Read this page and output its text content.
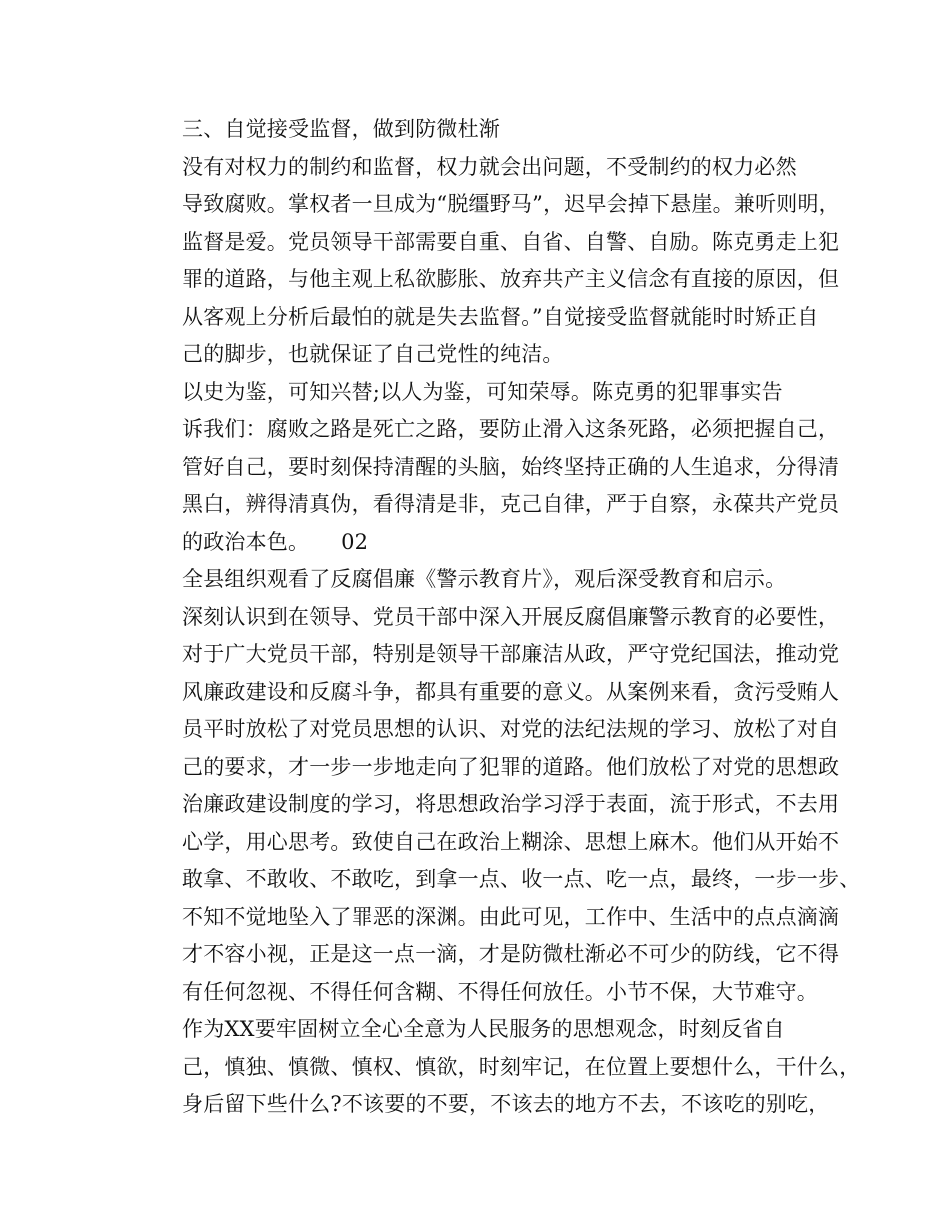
三、自觉接受监督，做到防微杜渐

没有对权力的制约和监督，权力就会出问题，不受制约的权力必然
导致腐败。掌权者一旦成为“脱缰野马”，迟早会掉下悬崖。兼听则明，
监督是爱。党员领导干部需要自重、自省、自警、自励。陈克勇走上犯
罪的道路，与他主观上私欲膨胀、放弃共产主义信念有直接的原因，但
从客观上分析后最怕的就是失去监督。”自觉接受监督就能时时矫正自
己的脚步，也就保证了自己党性的纯洁。

以史为鉴，可知兴替;以人为鉴，可知荣辱。陈克勇的犯罪事实告
诉我们：腐败之路是死亡之路，要防止滑入这条死路，必须把握自己，
管好自己，要时刻保持清醒的头脑，始终坚持正确的人生追求，分得清
黑白，辨得清真伪，看得清是非，克己自律，严于自察，永葆共产党员
的政治本色。　　02

全县组织观看了反腐倡廉《警示教育片》，观后深受教育和启示。
深刻认识到在领导、党员干部中深入开展反腐倡廉警示教育的必要性，
对于广大党员干部，特别是领导干部廉洁从政，严守党纪国法，推动党
风廉政建设和反腐斗争，都具有重要的意义。从案例来看，贪污受贿人
员平时放松了对党员思想的认识、对党的法纪法规的学习、放松了对自
己的要求，才一步一步地走向了犯罪的道路。他们放松了对党的思想政
治廉政建设制度的学习，将思想政治学习浮于表面，流于形式，不去用
心学，用心思考。致使自己在政治上糊涂、思想上麻木。他们从开始不
敢拿、不敢收、不敢吃，到拿一点、收一点、吃一点，最终，一步一步、
不知不觉地坠入了罪恶的深渊。由此可见，工作中、生活中的点点滴滴
才不容小视，正是这一点一滴，才是防微杜渐必不可少的防线，它不得
有任何忽视、不得任何含糊、不得任何放任。小节不保，大节难守。

作为XX要牢固树立全心全意为人民服务的思想观念，时刻反省自
己，慎独、慎微、慎权、慎欲，时刻牢记，在位置上要想什么，干什么，
身后留下些什么?不该要的不要，不该去的地方不去，不该吃的别吃，
